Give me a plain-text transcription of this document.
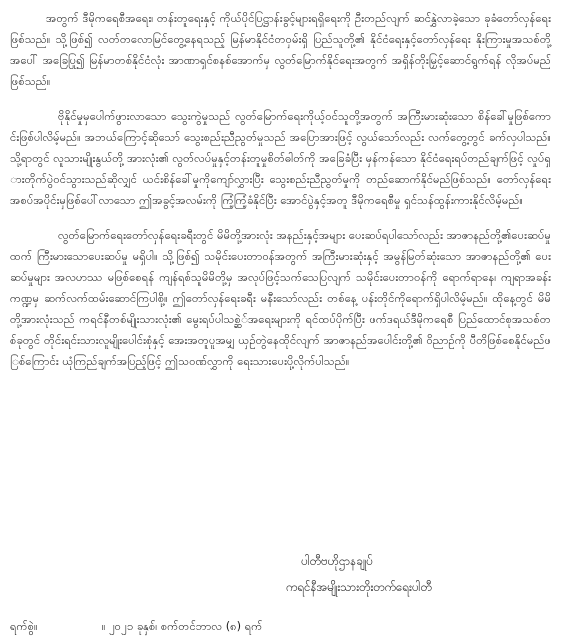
အတွက် ဒီမိုကရေစီအရေး၊ တန်းတူရေးနှင့် ကိုယ်ပိုင်ပြဋ္ဌာန်းခွင့်များရရှိရေးကို ဦးတည်လျက် ဆင်နွှဲလာခဲ့သော ခုခံတော်လှန်ရေးဖြစ်သည်။ သို့ဖြစ်၍ လတ်တလောမြင်တွေ့နေရသည့် မြန်မာနိုင်ငံတဝှမ်းရှိ ပြည်သူတို့၏ နိုင်ငံရေးနှင့်တော်လှန်ရေး နိုးကြားမှုအသစ်တို့အပေါ် အခြေပြု၍ မြန်မာတစ်နိုင်ငံလုံး အာဏာရှင်စနစ်အောက်မှ လွတ်မြောက်နိုင်ရေးအတွက် အရှိန်တိုးမြှင့်ဆောင်ရွက်ရန် လိုအပ်မည်ဖြစ်သည်။

ဗိုနိုင်မှုမှပေါက်ဖွားလာသော သွေးကွဲမှုသည် လွတ်မြောက်ရေးကိုယ့်ဝင်သူတို့အတွက် အကြီးမားဆုံးသော စိန်ခေါ်မှုဖြစ်ကောင်းဖြစ်ပါလိမ့်မည်။ အဘယ်ကြောင့်ဆိုသော် သွေးစည်းညီညွတ်မှုသည် အပြောအားဖြင့် လွယ်သော်လည်း လက်တွေ့တွင် ခက်လှပါသည်။ သို့ရာတွင် လူသားမျိုးနွယ်တို့ အားလုံး၏ လွတ်လပ်မှုနှင့်တန်းတူမှုစိတ်ဓါတ်ကို အခြေခံပြီး မှန်ကန်သော နိုင်ငံရေးရပ်တည်ချက်ဖြင့် လှုပ်ရှားတိုက်ပွဲဝင်သွားသည်ဆိုလျှင် ယင်းစိန်ခေါ်မှုကိုကျော်လွှားပြီး သွေးစည်းညီညွတ်မှုကို တည်ဆောက်နိုင်မည်ဖြစ်သည်။ တော်လှန်ရေးအစပ်အပိုင်းမှဖြစ်ပေါ်လာသော ဤအခွင့်အလမ်းကို ကြံ့ကြံ့ခံနိုင်ပြီး အောင်ပွဲနှင့်အတူ ဒီမိုကရေစီမှု ရှင်သန်ထွန်းကားနိုင်လိမ့်မည်။

လွတ်မြောက်ရေးတော်လှန်ရေးခရီးတွင် မိမိတို့အားလုံး အနည်းနှင့်အများ ပေးဆပ်ရပါသော်လည်း အာဇာနည်တို့၏ပေးဆပ်မှုထက် ကြီးမားသောပေးဆပ်မှု မရှိပါ။ သို့ဖြစ်၍ သမိုင်းပေးတာဝန်အတွက် အကြီးမားဆုံးနှင့် အမွန်မြတ်ဆုံးသော အာဇာနည်တို့၏ ပေးဆပ်မှုများ အလဟဿ မဖြစ်စေရန် ကျန်ရစ်သူမိမိတို့မှ အလုပ်ဖြင့်သက်သေပြလျက် သမိုင်းပေးတာဝန်ကို ရောက်ရာနေ၊ ကျရာအခန်းကဏ္ဍမှ ဆက်လက်ထမ်းဆောင်ကြပါစို့။ ဤတော်လှန်ရေးခရီး မနီးသော်လည်း တစ်နေ့ ပန်းတိုင်ကိုရောက်ရှိပါလိမ့်မည်။ ထိုနေ့တွင် မိမိတို့အားလုံးသည် ကရင်နီတစ်မျိုးသားလုံး၏ မွေးရပ်ပါသစ္ဆဲ်အရေးများကို ရင်ထပ်ပိုက်ပြီး ဖက်ဒရယ်ဒီမိုကရေစီ ပြည်ထောင်စုအသစ်တစ်ခုတွင် တိုင်းရင်းသားလူမျိုးပေါင်းစုံနှင့် အေးအတူပူအမျှ ယှဉ်တွဲနေထိုင်လျက် အာဇာနည်အပေါင်းတို့၏ ဝိညာဉ်ကို ပီတိဖြစ်စေနိုင်မည်ဖြစ်ကြောင်း ယုံကြည်ချက်အပြည့်ဖြင့် ဤသဝဏ်လွှာကို ရေးသားပေးပို့လိုက်ပါသည်။

ပါတီဗဟိုဌာနချုပ်
ကရင်နီအမျိုးသားတိုးတက်ရေးပါတီ
ရက်စွဲ။	။ ၂၀၂၁ ခုနှစ်၊ စက်တင်ဘာလ (၈) ရက်
